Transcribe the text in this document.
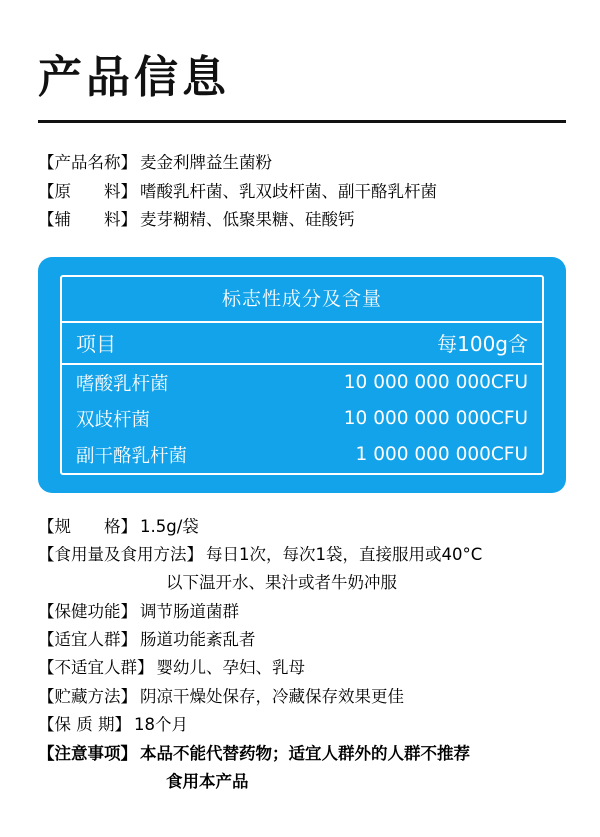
产品信息
【产品名称】 麦金利牌益生菌粉
【原　　料】 嗜酸乳杆菌、乳双歧杆菌、副干酪乳杆菌
【辅　　料】 麦芽糊精、低聚果糖、硅酸钙
标志性成分及含量
项目	每100g含
嗜酸乳杆菌	10 000 000 000CFU
双歧杆菌	10 000 000 000CFU
副干酪乳杆菌	1 000 000 000CFU
【规　　格】 1.5g/袋
【食用量及食用方法】 每日1次，每次1袋，直接服用或40°C
以下温开水、果汁或者牛奶冲服
【保健功能】 调节肠道菌群
【适宜人群】 肠道功能紊乱者
【不适宜人群】 婴幼儿、孕妇、乳母
【贮藏方法】 阴凉干燥处保存，冷藏保存效果更佳
【保 质 期】 18个月
【注意事项】 本品不能代替药物；适宜人群外的人群不推荐
食用本产品
